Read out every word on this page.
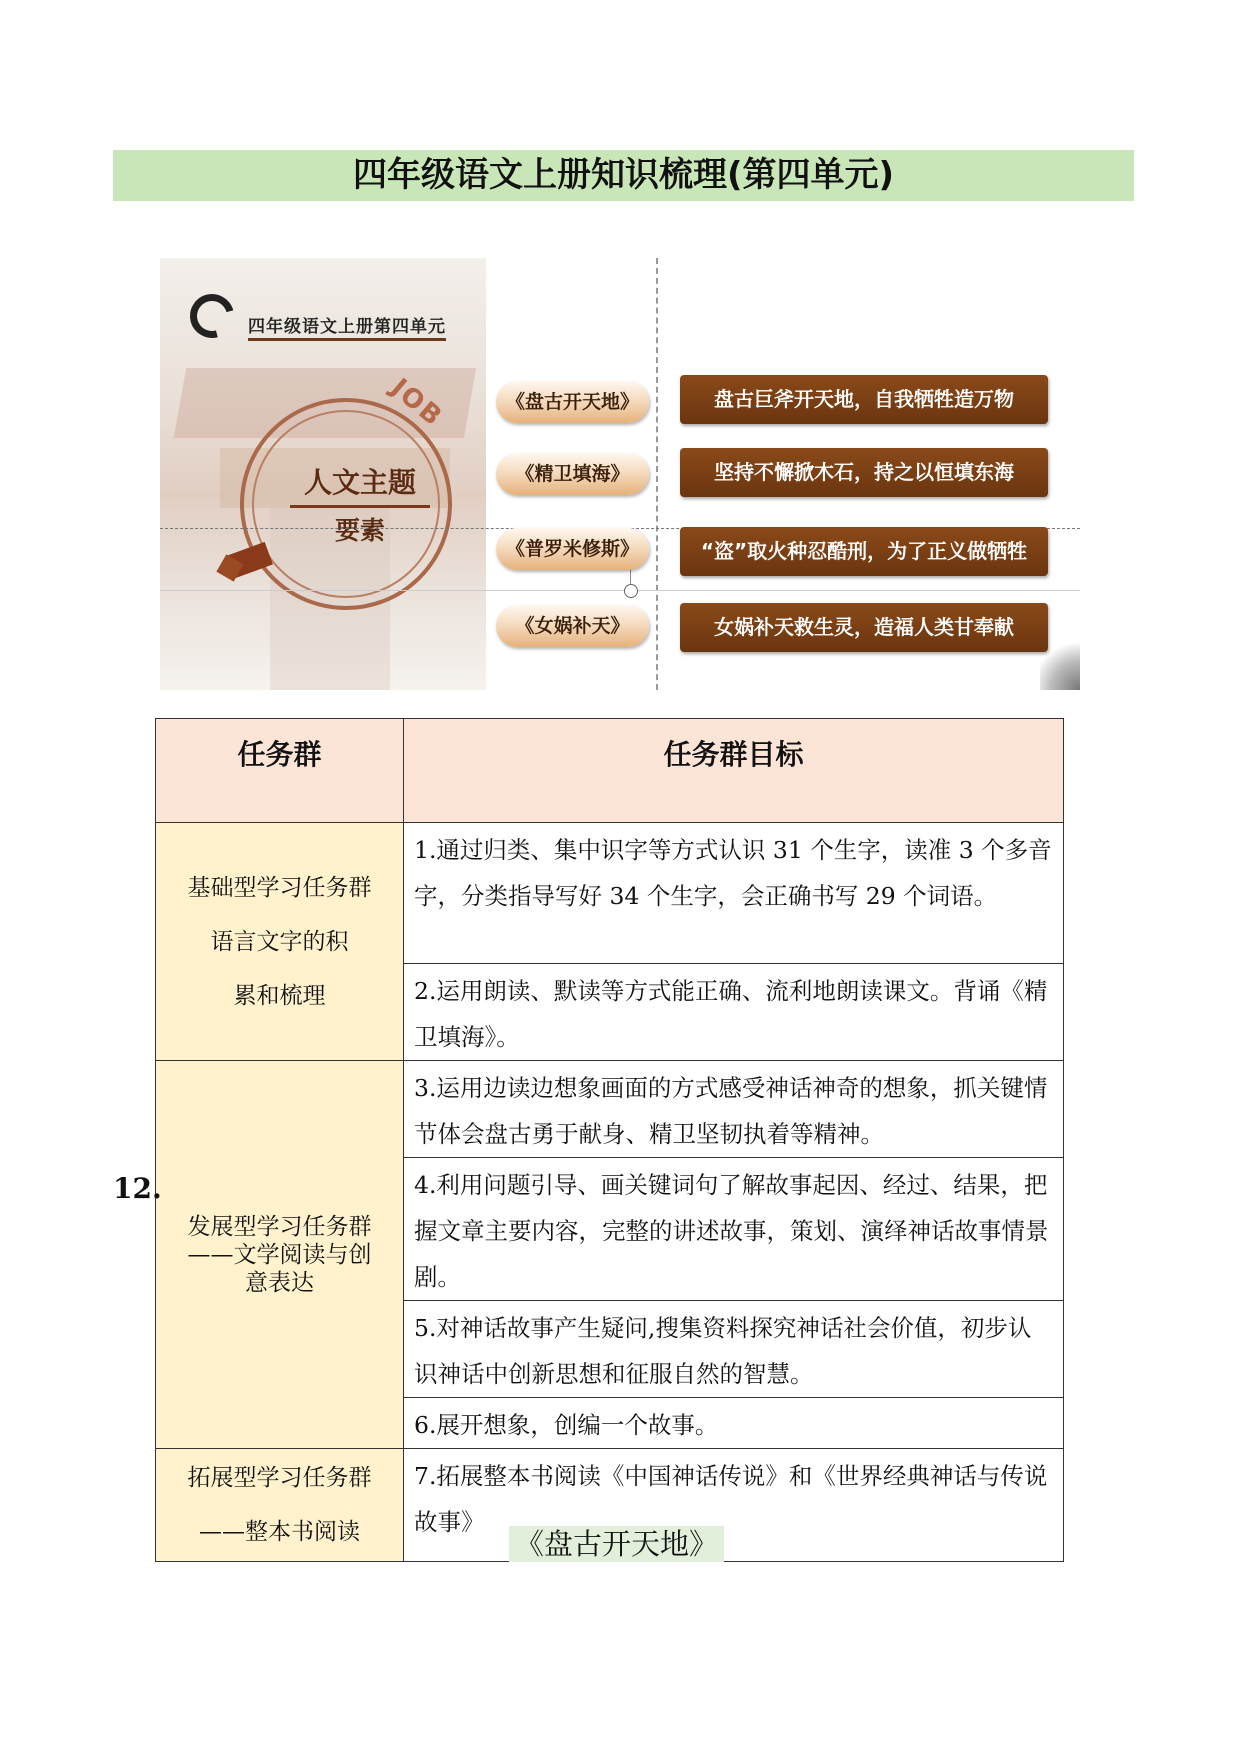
四年级语文上册知识梳理(第四单元)
四年级语文上册第四单元
JOB
人文主题
要素
《盘古开天地》
《精卫填海》
《普罗米修斯》
《女娲补天》
盘古巨斧开天地，自我牺牲造万物
坚持不懈掀木石，持之以恒填东海
“盗”取火种忍酷刑，为了正义做牺牲
女娲补天救生灵，造福人类甘奉献
任务群	任务群目标

基础型学习任务群
语言文字的积
累和梳理	1.通过归类、集中识字等方式认识 31 个生字，读准 3 个多音字，分类指导写好 34 个生字，会正确书写 29 个词语。
	2.运用朗读、默读等方式能正确、流利地朗读课文。背诵《精卫填海》。

发展型学习任务群
——文学阅读与创
意表达	3.运用边读边想象画面的方式感受神话神奇的想象，抓关键情节体会盘古勇于献身、精卫坚韧执着等精神。
	4.利用问题引导、画关键词句了解故事起因、经过、结果，把握文章主要内容，完整的讲述故事，策划、演绎神话故事情景剧。
	5.对神话故事产生疑问,搜集资料探究神话社会价值，初步认识神话中创新思想和征服自然的智慧。
	6.展开想象，创编一个故事。

拓展型学习任务群
——整本书阅读	7.拓展整本书阅读《中国神话传说》和《世界经典神话与传说故事》
12.
《盘古开天地》
